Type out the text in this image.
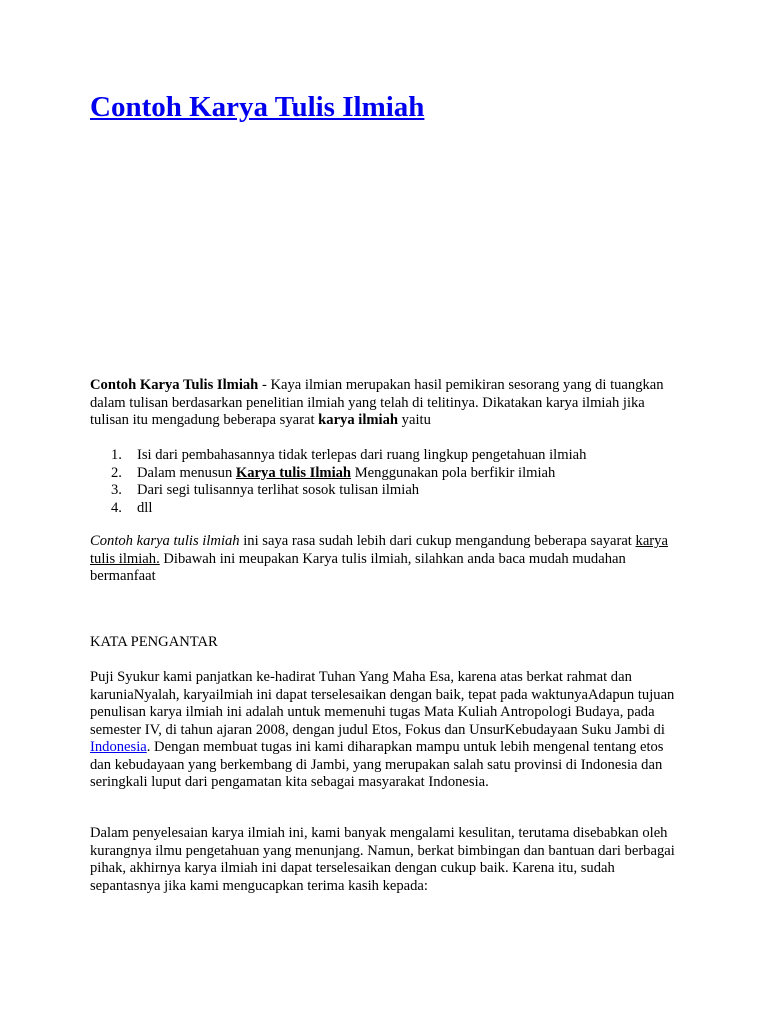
Contoh Karya Tulis Ilmiah

Contoh Karya Tulis Ilmiah - Kaya ilmian merupakan hasil pemikiran sesorang yang di tuangkan dalam tulisan berdasarkan penelitian ilmiah yang telah di telitinya. Dikatakan karya ilmiah jika tulisan itu mengadung beberapa syarat karya ilmiah yaitu

1. Isi dari pembahasannya tidak terlepas dari ruang lingkup pengetahuan ilmiah
2. Dalam menusun Karya tulis Ilmiah Menggunakan pola berfikir ilmiah
3. Dari segi tulisannya terlihat sosok tulisan ilmiah
4. dll

Contoh karya tulis ilmiah ini saya rasa sudah lebih dari cukup mengandung beberapa sayarat karya tulis ilmiah. Dibawah ini meupakan Karya tulis ilmiah, silahkan anda baca mudah mudahan bermanfaat

KATA PENGANTAR

Puji Syukur kami panjatkan ke-hadirat Tuhan Yang Maha Esa, karena atas berkat rahmat dan karuniaNyalah, karyailmiah ini dapat terselesaikan dengan baik, tepat pada waktunyaAdapun tujuan penulisan karya ilmiah ini adalah untuk memenuhi tugas Mata Kuliah Antropologi Budaya, pada semester IV, di tahun ajaran 2008, dengan judul Etos, Fokus dan UnsurKebudayaan Suku Jambi di Indonesia. Dengan membuat tugas ini kami diharapkan mampu untuk lebih mengenal tentang etos dan kebudayaan yang berkembang di Jambi, yang merupakan salah satu provinsi di Indonesia dan seringkali luput dari pengamatan kita sebagai masyarakat Indonesia.

Dalam penyelesaian karya ilmiah ini, kami banyak mengalami kesulitan, terutama disebabkan oleh kurangnya ilmu pengetahuan yang menunjang. Namun, berkat bimbingan dan bantuan dari berbagai pihak, akhirnya karya ilmiah ini dapat terselesaikan dengan cukup baik. Karena itu, sudah sepantasnya jika kami mengucapkan terima kasih kepada:
